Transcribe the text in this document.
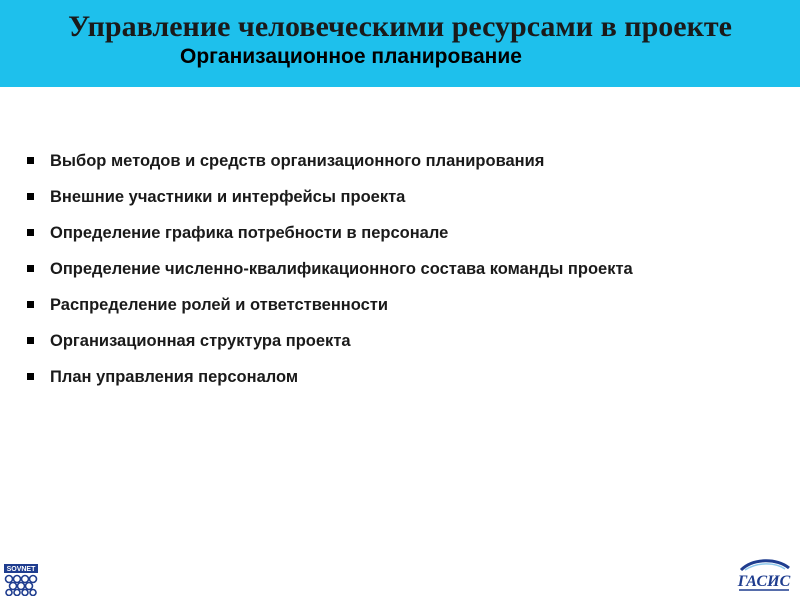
Управление человеческими ресурсами в проекте
Организационное планирование
Выбор методов и средств организационного планирования
Внешние участники и интерфейсы проекта
Определение графика потребности в персонале
Определение численно-квалификационного состава команды проекта
Распределение ролей и ответственности
Организационная структура проекта
План управления персоналом
SOVNET
ГАСИС
